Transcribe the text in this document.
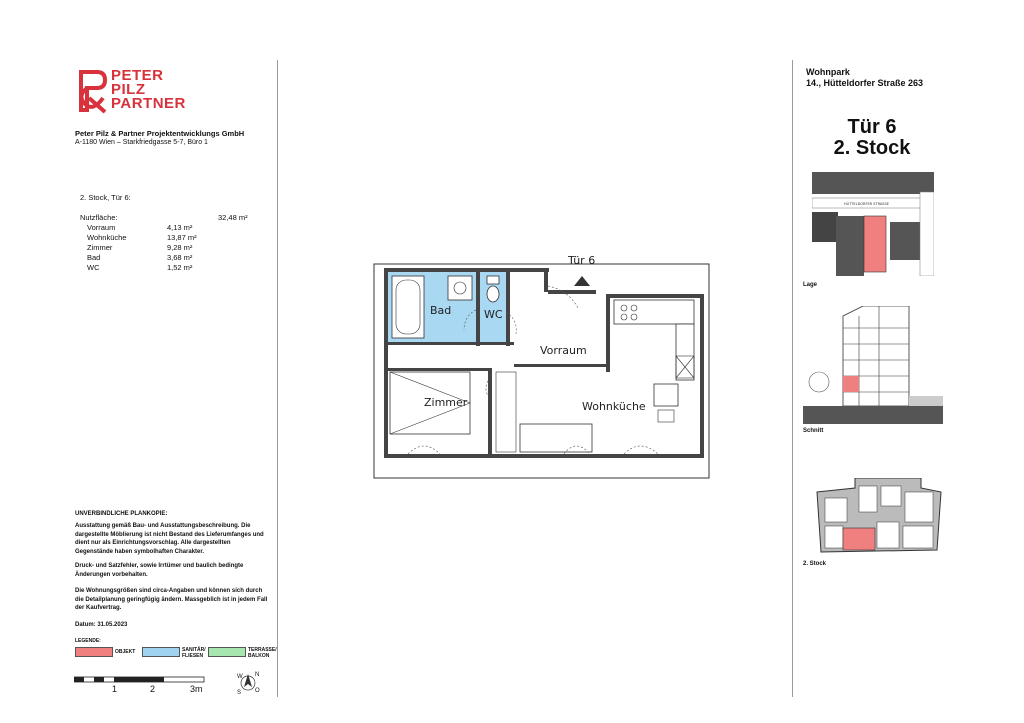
PETER
PILZ
PARTNER
Peter Pilz & Partner Projektentwicklungs GmbH
A-1180 Wien – Starkfriedgasse 5-7, Büro 1
2. Stock, Tür 6:
Nutzfläche:	32,48 m²
Vorraum	4,13 m²
Wohnküche	13,87 m²
Zimmer	9,28 m²
Bad	3,68 m²
WC	1,52 m²
UNVERBINDLICHE PLANKOPIE:
Ausstattung gemäß Bau- und Ausstattungsbeschreibung. Die dargestellte Möblierung ist nicht Bestand des Lieferumfanges und dient nur als Einrichtungsvorschlag. Alle dargestellten Gegenstände haben symbolhaften Charakter.
Druck- und Satzfehler, sowie Irrtümer und baulich bedingte Änderungen vorbehalten.
Die Wohnungsgrößen sind circa-Angaben und können sich durch die Detailplanung geringfügig ändern. Massgeblich ist in jedem Fall der Kaufvertrag.
Datum: 31.05.2023
LEGENDE:
OBJEKT	SANITÄR/ FLIESEN
TERRASSE/ BALKON
1	2	3m
N
S O
W
Tür 6
Bad	WC
Vorraum
Zimmer	Wohnküche
Wohnpark
14., Hütteldorfer Straße 263
Tür 6
2. Stock
HÜTTELDORFER STRASSE
Lage
Schnitt
2. Stock
